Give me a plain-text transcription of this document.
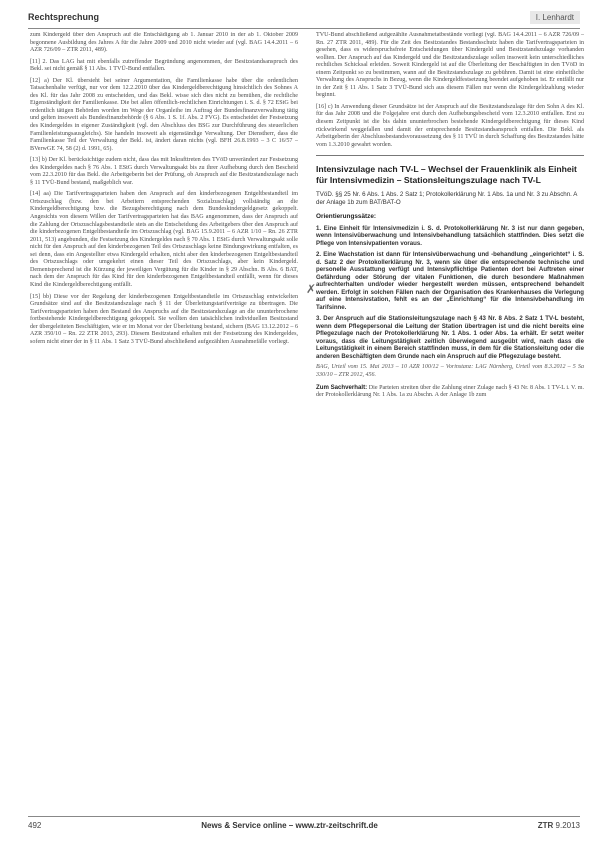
Rechtsprechung	I. Lenhardt

zum Kindergeld über den Anspruch auf die Entschädigung ab 1. Januar 2010 in der ab 1. Oktober 2009 begonnene Ausbildung des Jahres A für die Jahre 2009 und 2010 nicht wieder auf (vgl. BAG 14.4.2011 – 6 AZR 726/09 – ZTR 2011, 489).

[11] 2. Das LAG hat mit ebenfalls zutreffender Begründung angenommen, der Besitzstandsanspruch des Bekl. sei nicht gemäß § 11 Abs. 1 TVÜ-Bund entfallen.

[12] a) Der Kl. übersieht bei seiner Argumentation, die Familienkasse habe über die ordentlichen Tatsachenhalte verfügt, nur vor dem 12.2.2010 über das Kindergeldberechtigung hinsichtlich des Sohnes A des Kl. für das Jahr 2008 zu entscheiden, und das Bekl. wisse sich dies nicht zu bemühen, die rechtliche Eigenständigkeit der Familienkasse. Die bei allen öffentlich-rechtlichen Einrichtungen i. S. d. § 72 EStG bei ordentlich tätigen Behörden worden im Wege der Organleihe im Auftrag der Bundesfinanzverwaltung tätig und gelten insoweit als Bundesfinanzbehörde (§ 6 Abs. 1 S. 1f. Abs. 2 FVG). Es entscheidet der Festsetzung des Kindergeldes in eigener Zuständigkeit (vgl. den Abschluss des BSG zur Durchführung des steuerlichen Familienleistungsausgleichs). Sie handeln insoweit als eigenständige Verwaltung. Der Dienstherr, dass die Familienkasse Teil der Verwaltung der Bekl. ist, ändert daran nichts (vgl. BFH 26.8.1993 – 3 C 16/57 – BVerwGE 74, 58 (2) d. 1991, 65).

[13] b) Der Kl. berücksichtige zudem nicht, dass das mit Inkrafttreten des TVöD unverändert zur Festsetzung des Kindergeldes nach § 76 Abs. 1 EStG durch Verwaltungsakt bis zu ihrer Aufhebung durch den Bescheid vom 22.3.2010 für das Bekl. die Arbeitgeberin bei der Prüfung, ob Anspruch auf die Besitzstandszulage nach § 11 TVÜ-Bund bestand, maßgeblich war.

[14] aa) Die Tarifvertragsparteien haben den Anspruch auf den kinderbezogenen Entgeltbestandteil im Ortszuschlag (bzw. den bei Arbeitern entsprechenden Sozialzuschlag) vollständig an die Kindergeldberechtigung bzw. die Bezugsberechtigung nach dem Bundeskindergeldgesetz gekoppelt. Angesichts von diesem Willen der Tarifvertragsparteien hat das BAG angenommen, dass der Anspruch auf die Zahlung der Ortszuschlagsbestandteile stets an die Entscheidung des Arbeitgebers über den Anspruch auf die kinderbezogenen Entgeltbestandteile im Ortszuschlag (vgl. BAG 15.9.2011 – 6 AZR 1/10 – Rn. 26 ZTR 2011, 513) angebunden, die Festsetzung des Kindergeldes nach § 70 Abs. 1 EStG durch Verwaltungsakt solle nicht für den Anspruch auf den kinderbezogenen Teil des Ortszuschlags keine Bindungswirkung entfalten, es sei denn, dass ein Angestellter etwa Kindergeld erhalten, nicht aber den kinderbezogenen Entgeltbestandteil des Ortszuschlags oder umgekehrt einen dieser Teil des Ortszuschlags, aber kein Kindergeld. Dementsprechend ist die Kürzung der jeweiligen Vergütung für die Kinder in § 29 Abschn. B Abs. 6 BAT, nach dem der Anspruch für das Kind für den kinderbezogenen Entgeltbestandteil entfällt, wenn für dieses Kind die Kindergeldberechtigung entfällt.

[15] bb) Diese vor der Regelung der kinderbezogenen Entgeltbestandteile im Ortszuschlag entwickelten Grundsätze sind auf die Besitzstandszulage nach § 11 der Überleitungstarifverträge zu übertragen. Die Tarifvertragsparteien haben den Bestand des Anspruchs auf die Besitzstandszulage an die ununterbrochene fortbestehende Kindergeldberechtigung gekoppelt. Sie wollten den tatsächlichen individuellen Besitzstand der übergeleiteten Beschäftigten, wie er im Monat vor der Überleitung bestand, sichern (BAG 13.12.2012 – 6 AZR 350/10 – Rn. 22 ZTR 2013, 293). Diesem Besitzstand erhalten mit der Festsetzung des Kindergeldes, sofern nicht einer der in § 11 Abs. 1 Satz 3 TVÜ-Bund abschließend aufgezählten Ausnahmefälle vorliegt.

✗

TVÜ-Bund abschließend aufgezählte Ausnahmetatbestände vorliegt (vgl. BAG 14.4.2011 – 6 AZR 726/09 – Rn. 27 ZTR 2011, 489). Für die Zeit des Besitzstandes Bestandsschutz haben die Tarifvertragsparteien in gesehen, dass es widerspruchsfreie Entscheidungen über Kindergeld und Besitzstandszulage vorhanden wollten. Der Anspruch auf das Kindergeld und die Besitzstandszulage sollen insoweit kein unterschiedliches rechtliches Schicksal erleiden. Soweit Kindergeld ist auf die Überleitung der Beschäftigten in den TVöD in einem Zeitpunkt so zu bestimmen, wann auf die Besitzstandszulage zu gebühren. Damit ist eine einheitliche Verwaltung des Anspruchs in Bezug, wenn die Kindergeldfestsetzung beendet aufgehoben ist. Er entfällt nur in der Zeit § 11 Abs. 1 Satz 3 TVÜ-Bund sich aus diesem Fällen nur wenn die Kindergeldzahlung wieder beginnt.

[16] c) In Anwendung dieser Grundsätze ist der Anspruch auf die Besitzstandszulage für den Sohn A des Kl. für das Jahr 2008 und die Folgejahre erst durch den Aufhebungsbescheid vom 12.3.2010 entfallen. Erst zu diesem Zeitpunkt ist die bis dahin ununterbrochen bestehende Kindergeldberechtigung für dieses Kind rückwirkend weggefallen und damit der entsprechende Besitzstandsanspruch entfallen. Die Bekl. als Arbeitgeberin der Abschlussbestandsvoraussetzung des § 11 TVÜ in durch Schaffung des Besitzstandes hätte vom 1.3.2010 gewahrt worden.

Intensivzulage nach TV-L – Wechsel der Frauenklinik als Einheit für Intensivmedizin – Stationsleitungszulage nach TV-L
TVöD. §§ 25 Nr. 6 Abs. 1 Abs. 2 Satz 1; Protokollerklärung Nr. 1 Abs. 1a und Nr. 3 zu Abschn. A der Anlage 1b zum BAT/BAT-O
Orientierungssätze:

1. Eine Einheit für Intensivmedizin i. S. d. Protokollerklärung Nr. 3 ist nur dann gegeben, wenn Intensivüberwachung und Intensivbehandlung tatsächlich stattfinden. Dies setzt die Pflege von Intensivpatienten voraus.

2. Eine Wachstation ist dann für Intensivüberwachung und -behandlung „eingerichtet“ i. S. d. Satz 2 der Protokollerklärung Nr. 3, wenn sie über die entsprechende technische und personelle Ausstattung verfügt und Intensivpflichtige Patienten dort bei Auftreten einer Gefährdung oder Störung der vitalen Funktionen, die durch besondere Maßnahmen aufrechterhalten und/oder wieder hergestellt werden müssen, entsprechend behandelt werden. Erfolgt in solchen Fällen nach der Organisation des Krankenhauses die Verlegung auf eine Intensivstation, fehlt es an der „Einrichtung“ für die Intensivbehandlung im Tarifsinne.

3. Der Anspruch auf die Stationsleitungszulage nach § 43 Nr. 8 Abs. 2 Satz 1 TV-L besteht, wenn dem Pflegepersonal die Leitung der Station übertragen ist und die nicht bereits eine Pflegezulage nach der Protokollerklärung Nr. 1 Abs. 1 oder Abs. 1a erhält. Er setzt weiter voraus, dass die Leitungstätigkeit zeitlich überwiegend ausgeübt wird, nach dass die Leitungstätigkeit in einem Bereich stattfinden muss, in dem für die Stationsleitung oder die anderen Beschäftigten dem Grunde nach ein Anspruch auf die Pflegezulage besteht.

BAG, Urteil vom 15. Mai 2013 – 10 AZR 100/12 – Vorinstanz: LAG Nürnberg, Urteil vom 8.3.2012 – 5 Sa 330/10 – ZTR 2012, 456.

Zum Sachverhalt: Die Parteien streiten über die Zahlung einer Zulage nach § 43 Nr. 8 Abs. 1 TV-L i. V. m. der Protokollerklärung Nr. 1 Abs. 1a zu Abschn. A der Anlage 1b zum

492	News & Service online – www.ztr-zeitschrift.de	ZTR 9.2013
